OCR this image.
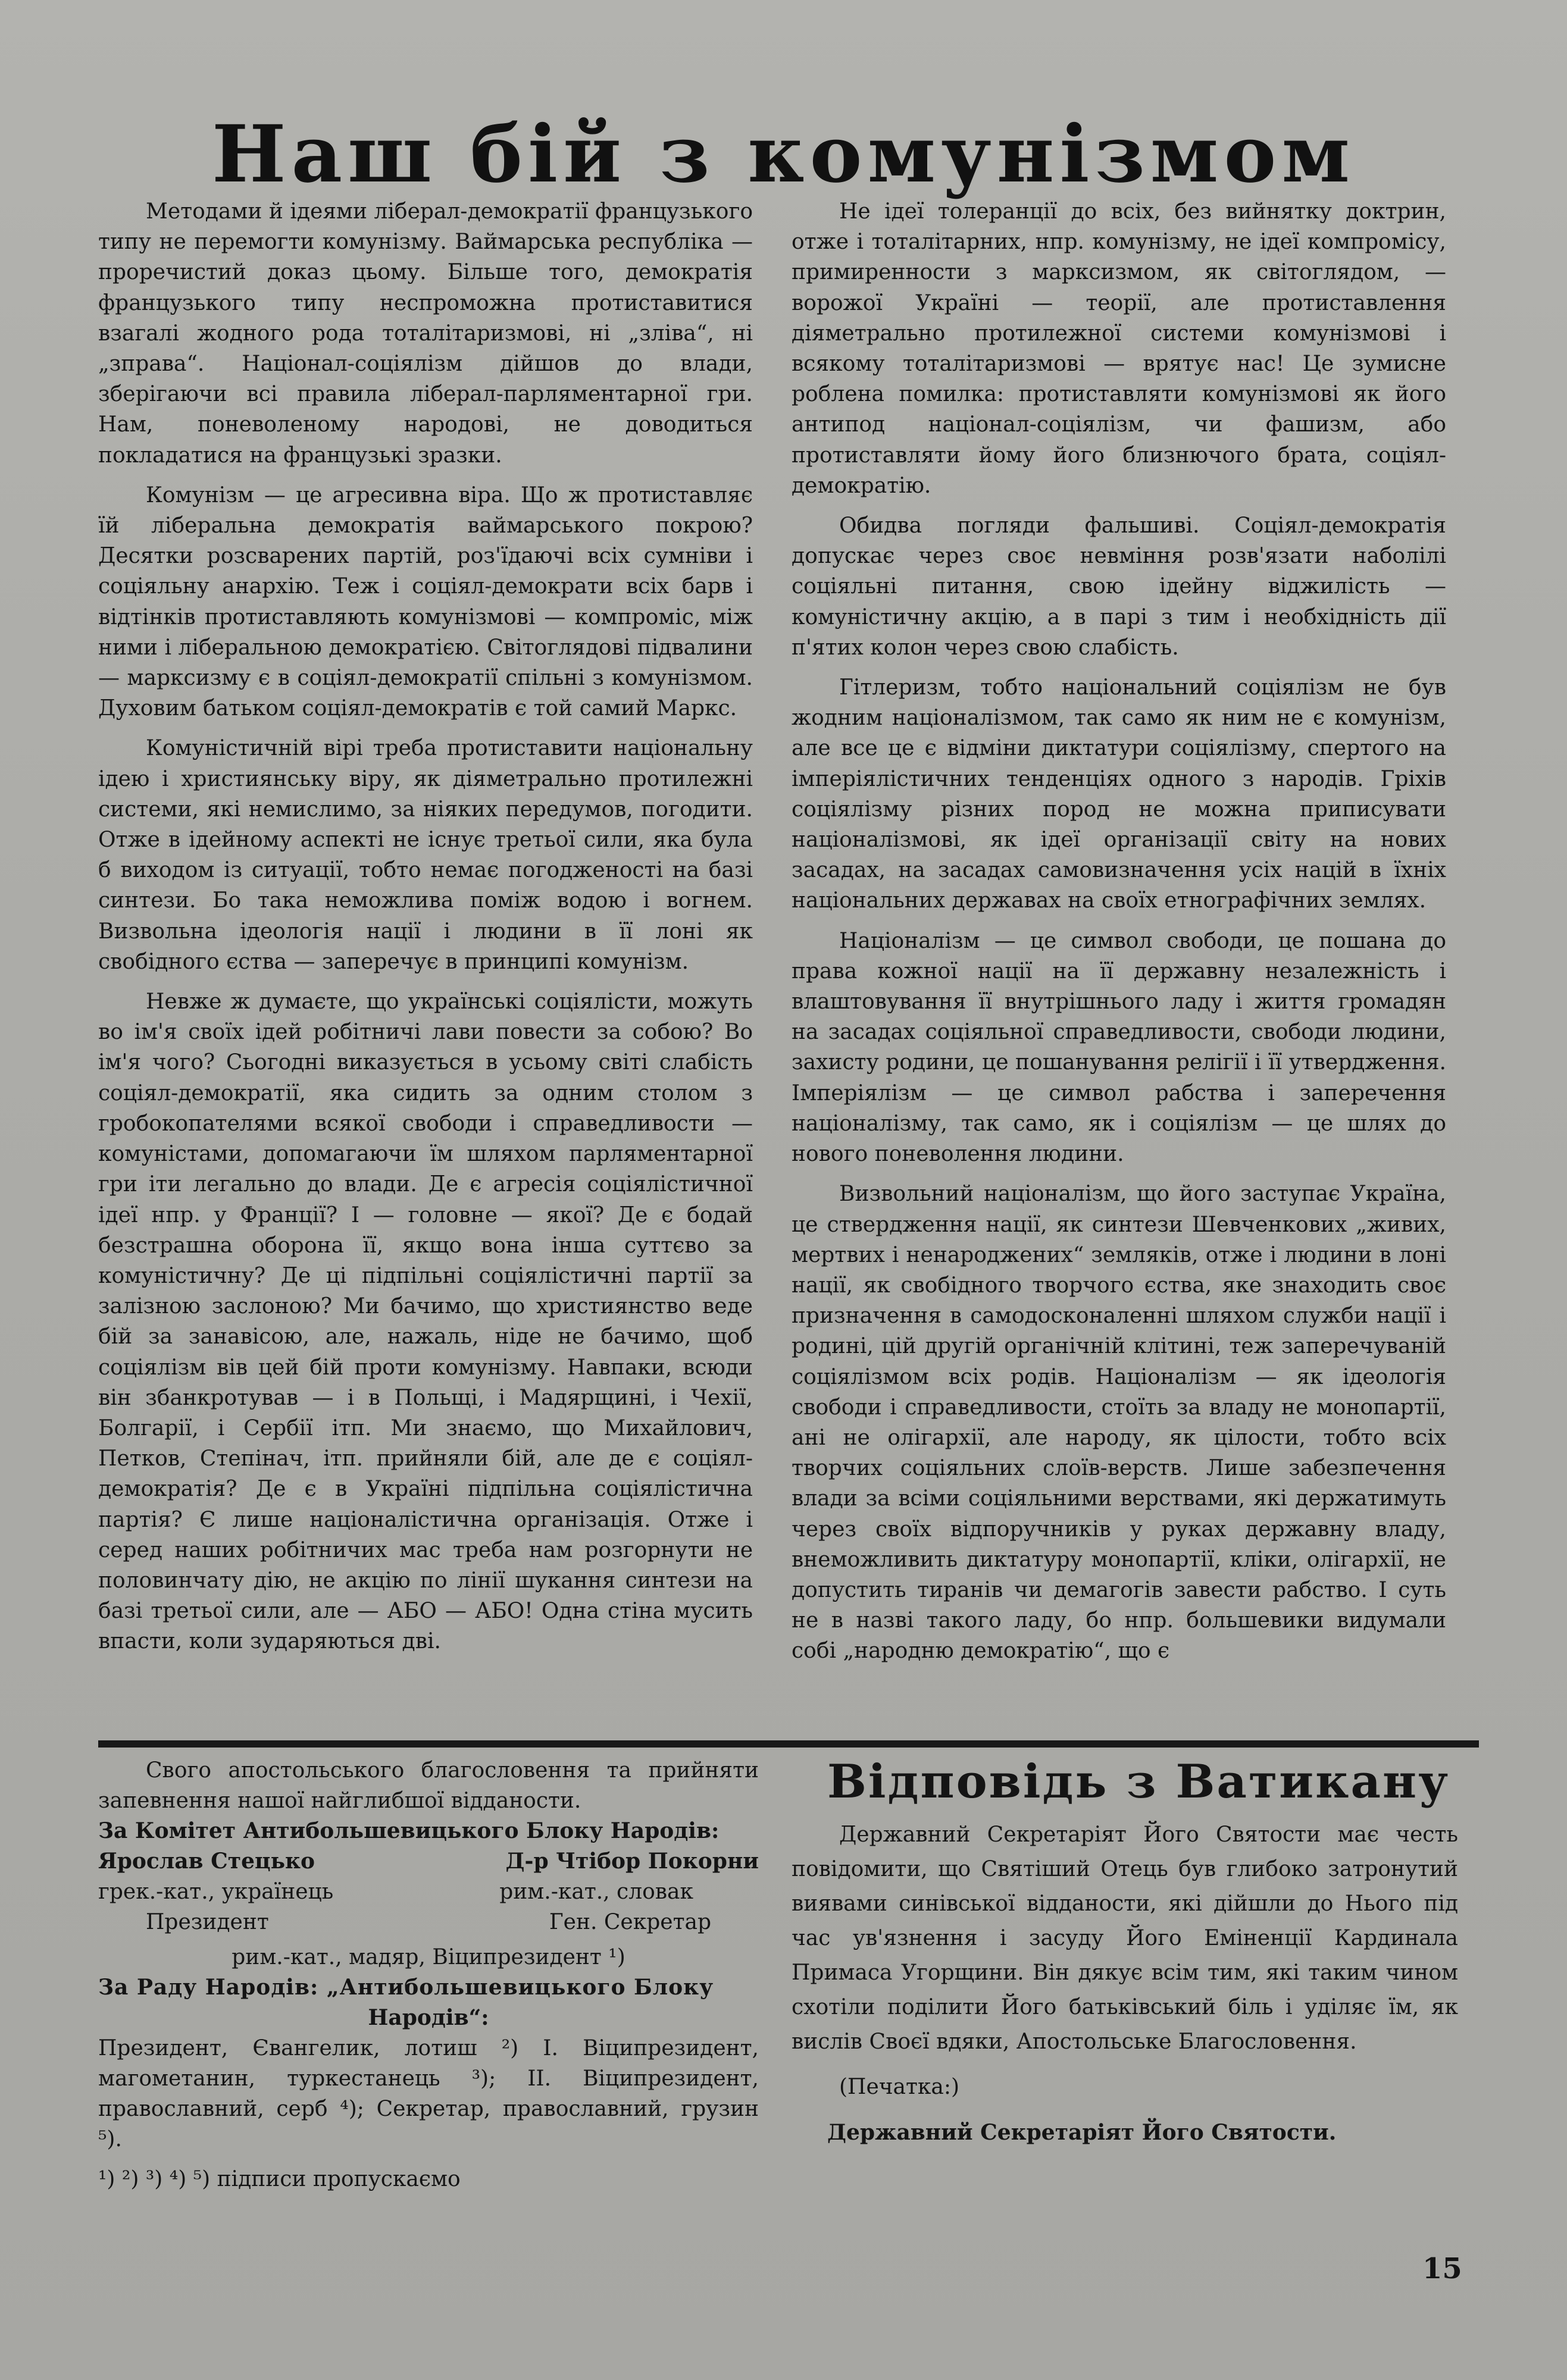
Наш бій з комунізмом

Методами й ідеями ліберал-демократії французького типу не перемогти комунізму. Ваймарська республіка — проречистий доказ цьому. Більше того, демократія французького типу неспроможна протиставитися взагалі жодного рода тоталітаризмові, ні „зліва“, ні „зправа“. Націонал-соціялізм дійшов до влади, зберігаючи всі правила ліберал-парляментарної гри. Нам, поневоленому народові, не доводиться покладатися на французькі зразки.

Комунізм — це агресивна віра. Що ж протиставляє їй ліберальна демократія ваймарського покрою? Десятки розсварених партій, роз'їдаючі всіх сумніви і соціяльну анархію. Теж і соціял-демократи всіх барв і відтінків протиставляють комунізмові — компроміс, між ними і ліберальною демократією. Світоглядові підвалини — марксизму є в соціял-демократії спільні з комунізмом. Духовим батьком соціял-демократів є той самий Маркс.

Комуністичній вірі треба протиставити національну ідею і християнську віру, як діяметрально протилежні системи, які немислимо, за ніяких передумов, погодити. Отже в ідейному аспекті не існує третьої сили, яка була б виходом із ситуації, тобто немає погодженості на базі синтези. Бо така неможлива поміж водою і вогнем. Визвольна ідеологія нації і людини в її лоні як свобідного єства — заперечує в принципі комунізм.

Невже ж думаєте, що українські соціялісти, можуть во ім'я своїх ідей робітничі лави повести за собою? Во ім'я чого? Сьогодні виказується в усьому світі слабість соціял-демократії, яка сидить за одним столом з гробокопателями всякої свободи і справедливости — комуністами, допомагаючи їм шляхом парляментарної гри іти легально до влади. Де є агресія соціялістичної ідеї нпр. у Франції? І — головне — якої? Де є бодай безстрашна оборона її, якщо вона інша суттєво за комуністичну? Де ці підпільні соціялістичні партії за залізною заслоною? Ми бачимо, що християнство веде бій за занавісою, але, нажаль, ніде не бачимо, щоб соціялізм вів цей бій проти комунізму. Навпаки, всюди він збанкротував — і в Польщі, і Мадярщині, і Чехії, Болгарії, і Сербії ітп. Ми знаємо, що Михайлович, Петков, Степінач, ітп. прийняли бій, але де є соціял-демократія? Де є в Україні підпільна соціялістична партія? Є лише націоналістична організація. Отже і серед наших робітничих мас треба нам розгорнути не половинчату дію, не акцію по лінії шукання синтези на базі третьої сили, але — АБО — АБО! Одна стіна мусить впасти, коли зударяються дві.

Не ідеї толеранції до всіх, без вийнятку доктрин, отже і тоталітарних, нпр. комунізму, не ідеї компромісу, примиренности з марксизмом, як світоглядом, — ворожої Україні — теорії, але протиставлення діяметрально протилежної системи комунізмові і всякому тоталітаризмові — врятує нас! Це зумисне роблена помилка: протиставляти комунізмові як його антипод націонал-соціялізм, чи фашизм, або протиставляти йому його близнючого брата, соціял-демократію.

Обидва погляди фальшиві. Соціял-демократія допускає через своє невміння розв'язати наболілі соціяльні питання, свою ідейну віджилість — комуністичну акцію, а в парі з тим і необхідність дії п'ятих колон через свою слабість.

Гітлеризм, тобто національний соціялізм не був жодним націоналізмом, так само як ним не є комунізм, але все це є відміни диктатури соціялізму, спертого на імперіялістичних тенденціях одного з народів. Гріхів соціялізму різних пород не можна приписувати націоналізмові, як ідеї організації світу на нових засадах, на засадах самовизначення усіх націй в їхніх національних державах на своїх етнографічних землях.

Націоналізм — це символ свободи, це пошана до права кожної нації на її державну незалежність і влаштовування її внутрішнього ладу і життя громадян на засадах соціяльної справедливости, свободи людини, захисту родини, це пошанування релігії і її утвердження. Імперіялізм — це символ рабства і заперечення націоналізму, так само, як і соціялізм — це шлях до нового поневолення людини.

Визвольний націоналізм, що його заступає Україна, це ствердження нації, як синтези Шевченкових „живих, мертвих і ненароджених“ земляків, отже і людини в лоні нації, як свобідного творчого єства, яке знаходить своє призначення в самодосконаленні шляхом служби нації і родині, цій другій органічній клітині, теж заперечуваній соціялізмом всіх родів. Націоналізм — як ідеологія свободи і справедливости, стоїть за владу не монопартії, ані не олігархії, але народу, як цілости, тобто всіх творчих соціяльних слоїв-верств. Лише забезпечення влади за всіми соціяльними верствами, які держатимуть через своїх відпоручників у руках державну владу, внеможливить диктатуру монопартії, кліки, олігархії, не допустить тиранів чи демагогів завести рабство. І суть не в назві такого ладу, бо нпр. большевики видумали собі „народню демократію“, що є

Свого апостольського благословення та прийняти запевнення нашої найглибшої відданости.

За Комітет Антибольшевицького Блоку Народів:

Ярослав Стецько	Д-р Чтібор Покорни
грек.-кат., українець	рим.-кат., словак
Президент	Ген. Секретар

рим.-кат., мадяр, Віципрезидент ¹)

За Раду Народів: „Антибольшевицького Блоку

Народів“:

Президент, Євангелик, лотиш ²) І. Віципрезидент, магометанин, туркестанець ³); ІІ. Віципрезидент, православний, серб ⁴); Секретар, православний, грузин ⁵).

¹) ²) ³) ⁴) ⁵) підписи пропускаємо

Відповідь з Ватикану

Державний Секретаріят Його Святости має честь повідомити, що Святіший Отець був глибоко затронутий виявами синівської відданости, які дійшли до Нього під час ув'язнення і засуду Його Еміненції Кардинала Примаса Угорщини. Він дякує всім тим, які таким чином схотіли поділити Його батьківський біль і уділяє їм, як вислів Своєї вдяки, Апостольське Благословення.

(Печатка:)

Державний Секретаріят Його Святости.

15
